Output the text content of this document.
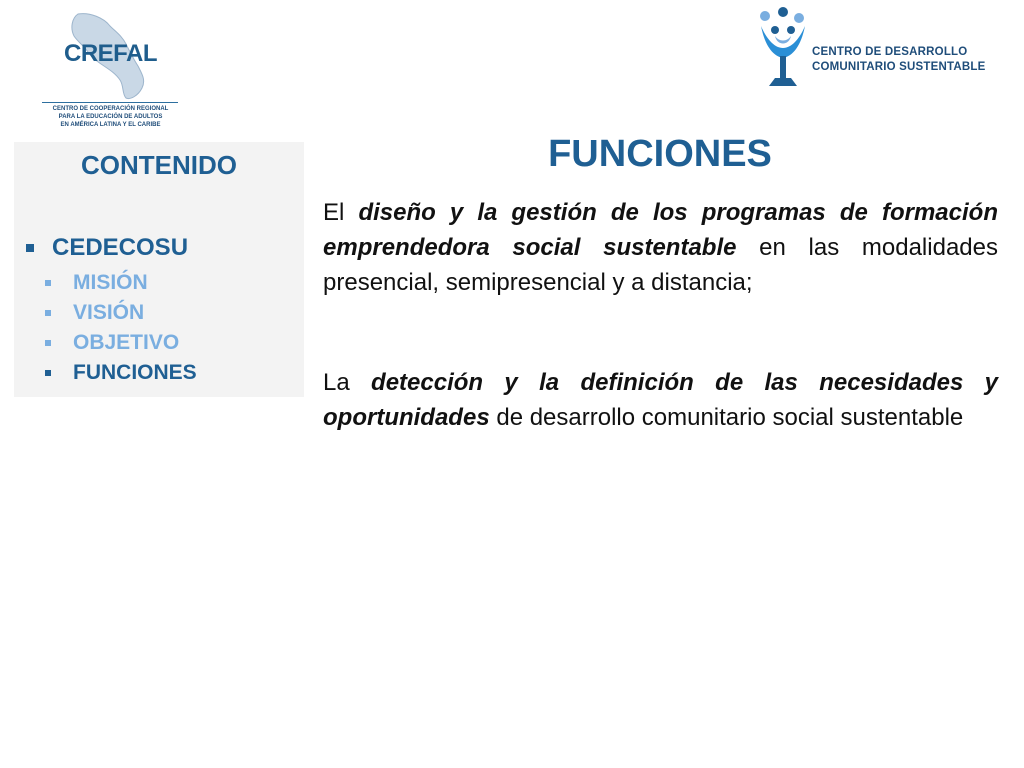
CREFAL
CENTRO DE COOPERACIÓN REGIONAL
PARA LA EDUCACIÓN DE ADULTOS
EN AMÉRICA LATINA Y EL CARIBE
CENTRO DE DESARROLLO
COMUNITARIO SUSTENTABLE
CONTENIDO
CEDECOSU
MISIÓN
VISIÓN
OBJETIVO
FUNCIONES
FUNCIONES

El diseño y la gestión de los programas de formación emprendedora social sustentable en las modalidades presencial, semipresencial y a distancia;

La detección y la definición de las necesidades y oportunidades de desarrollo comunitario social sustentable
